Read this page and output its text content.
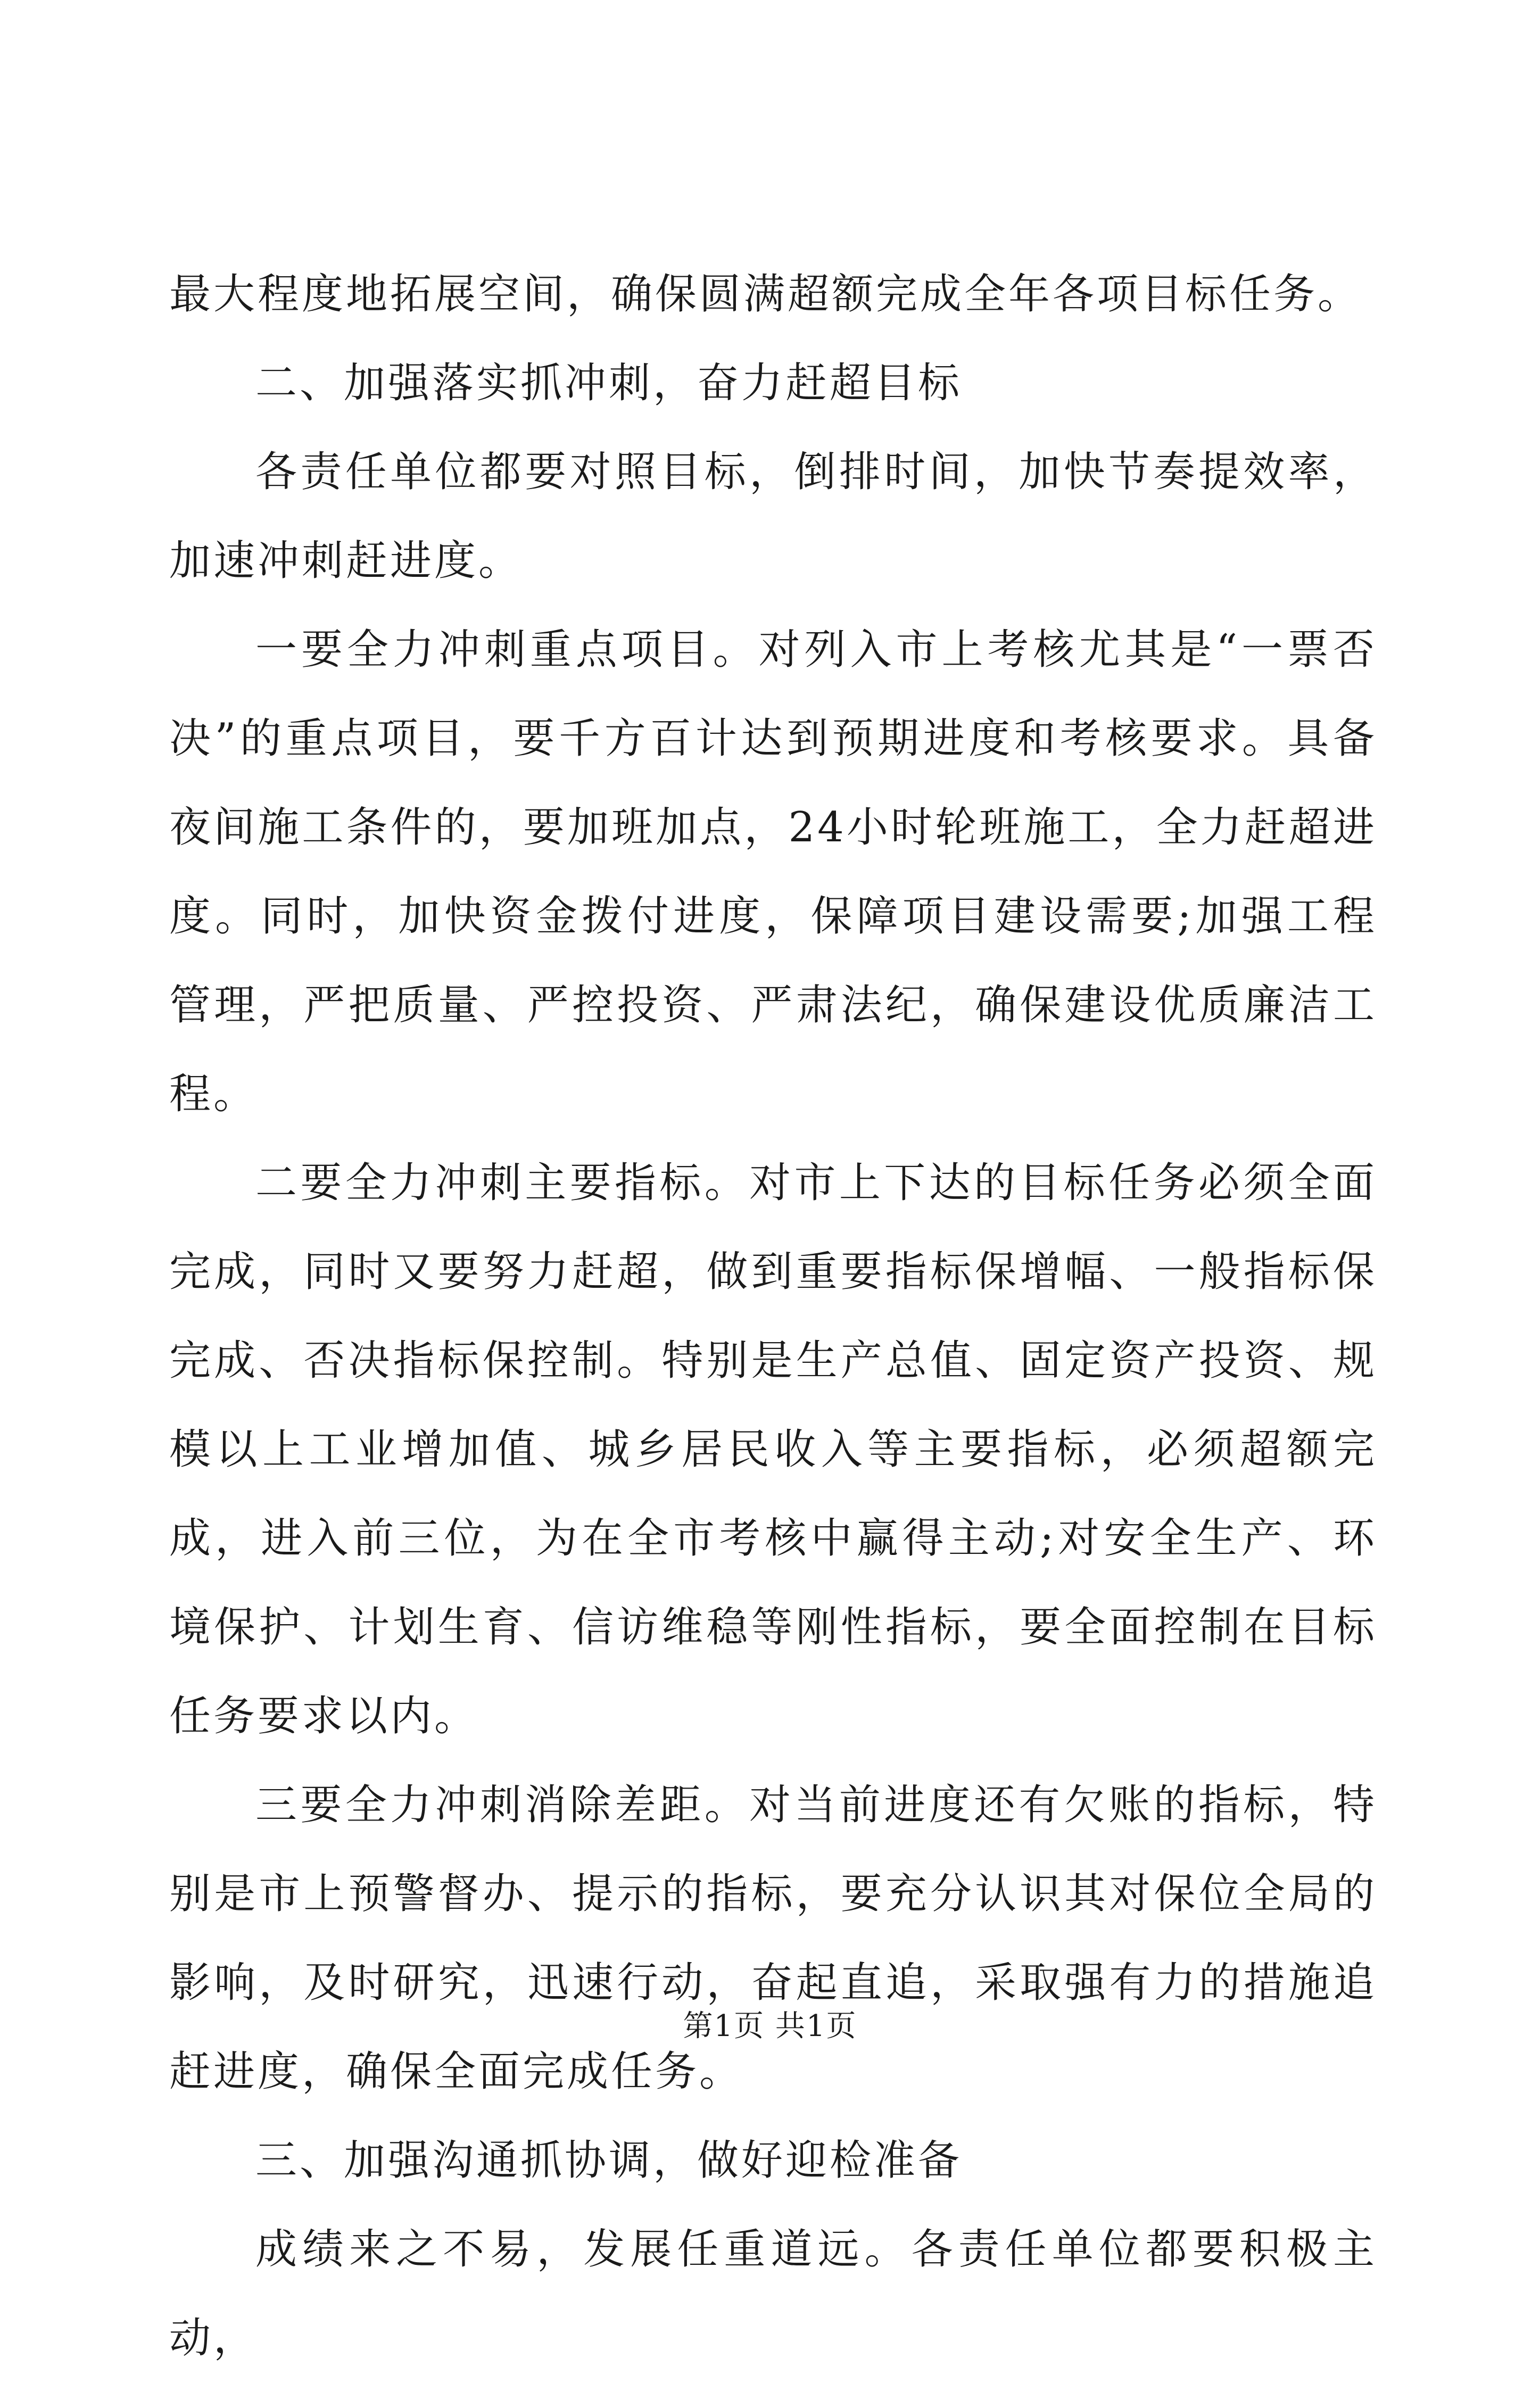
最大程度地拓展空间，确保圆满超额完成全年各项目标任务。

二、加强落实抓冲刺，奋力赶超目标

各责任单位都要对照目标，倒排时间，加快节奏提效率，加速冲刺赶进度。

一要全力冲刺重点项目。对列入市上考核尤其是“一票否决”的重点项目，要千方百计达到预期进度和考核要求。具备夜间施工条件的，要加班加点，24小时轮班施工，全力赶超进度。同时，加快资金拨付进度，保障项目建设需要;加强工程管理，严把质量、严控投资、严肃法纪，确保建设优质廉洁工程。

二要全力冲刺主要指标。对市上下达的目标任务必须全面完成，同时又要努力赶超，做到重要指标保增幅、一般指标保完成、否决指标保控制。特别是生产总值、固定资产投资、规模以上工业增加值、城乡居民收入等主要指标，必须超额完成，进入前三位，为在全市考核中赢得主动;对安全生产、环境保护、计划生育、信访维稳等刚性指标，要全面控制在目标任务要求以内。

三要全力冲刺消除差距。对当前进度还有欠账的指标，特别是市上预警督办、提示的指标，要充分认识其对保位全局的影响，及时研究，迅速行动，奋起直追，采取强有力的措施追赶进度，确保全面完成任务。

三、加强沟通抓协调，做好迎检准备

成绩来之不易，发展任重道远。各责任单位都要积极主动，

第1页 共1页
